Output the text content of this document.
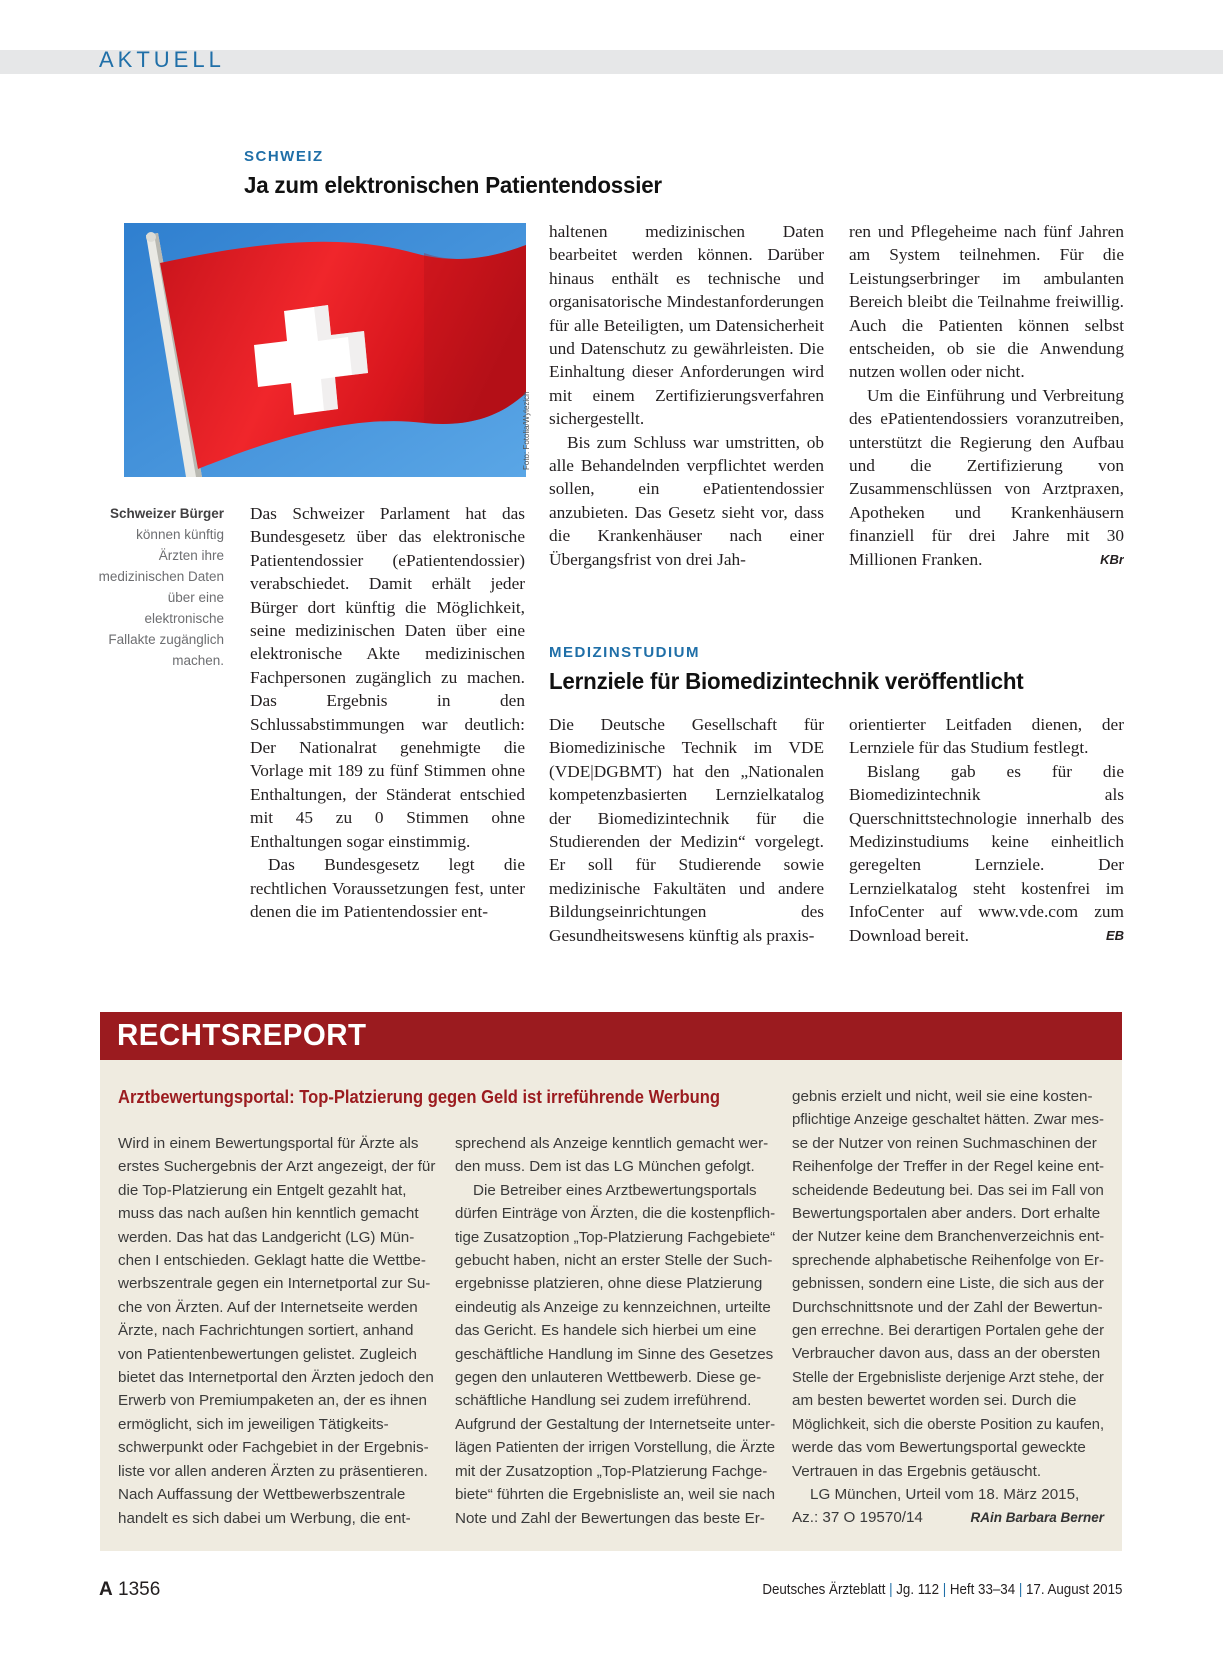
AKTUELL
SCHWEIZ
Ja zum elektronischen Patientendossier
Foto: Fotolia/Wylezich
Schweizer Bürger können künftig Ärzten ihre medizinischen Daten über eine elektronische Fallakte zugänglich machen.

Das Schweizer Parlament hat das Bundesgesetz über das elektronische Patientendossier (ePatientendossier) verabschiedet. Damit erhält jeder Bürger dort künftig die Möglichkeit, seine medizinischen Daten über eine elektronische Akte medizinischen Fachpersonen zugänglich zu machen. Das Ergebnis in den Schlussabstimmungen war deutlich: Der Nationalrat genehmigte die Vorlage mit 189 zu fünf Stimmen ohne Enthaltungen, der Ständerat entschied mit 45 zu 0 Stimmen ohne Enthaltungen sogar einstimmig.

Das Bundesgesetz legt die rechtlichen Voraussetzungen fest, unter denen die im Patientendossier ent-

haltenen medizinischen Daten bearbeitet werden können. Darüber hinaus enthält es technische und organisatorische Mindestanforderungen für alle Beteiligten, um Datensicherheit und Datenschutz zu gewährleisten. Die Einhaltung dieser Anforderungen wird mit einem Zertifizierungsverfahren sichergestellt.

Bis zum Schluss war umstritten, ob alle Behandelnden verpflichtet werden sollen, ein ePatientendossier anzubieten. Das Gesetz sieht vor, dass die Krankenhäuser nach einer Übergangsfrist von drei Jah-

ren und Pflegeheime nach fünf Jahren am System teilnehmen. Für die Leistungserbringer im ambulanten Bereich bleibt die Teilnahme freiwillig. Auch die Patienten können selbst entscheiden, ob sie die Anwendung nutzen wollen oder nicht.

Um die Einführung und Verbreitung des ePatientendossiers voranzutreiben, unterstützt die Regierung den Aufbau und die Zertifizierung von Zusammenschlüssen von Arztpraxen, Apotheken und Krankenhäusern finanziell für drei Jahre mit 30 Millionen Franken.	KBr

MEDIZINSTUDIUM
Lernziele für Biomedizintechnik veröffentlicht

Die Deutsche Gesellschaft für Biomedizinische Technik im VDE (VDE|DGBMT) hat den „Nationalen kompetenzbasierten Lernzielkatalog der Biomedizintechnik für die Studierenden der Medizin“ vorgelegt. Er soll für Studierende sowie medizinische Fakultäten und andere Bildungseinrichtungen des Gesundheitswesens künftig als praxis-

orientierter Leitfaden dienen, der Lernziele für das Studium festlegt.

Bislang gab es für die Biomedizintechnik als Querschnittstechnologie innerhalb des Medizinstudiums keine einheitlich geregelten Lernziele. Der Lernzielkatalog steht kostenfrei im InfoCenter auf www.vde.com zum Download bereit.	EB

RECHTSREPORT
Arztbewertungsportal: Top-Platzierung gegen Geld ist irreführende Werbung
Wird in einem Bewertungsportal für Ärzte als
erstes Suchergebnis der Arzt angezeigt, der für
die Top-Platzierung ein Entgelt gezahlt hat,
muss das nach außen hin kenntlich gemacht
werden. Das hat das Landgericht (LG) Mün-
chen I entschieden. Geklagt hatte die Wettbe-
werbszentrale gegen ein Internetportal zur Su-
che von Ärzten. Auf der Internetseite werden
Ärzte, nach Fachrichtungen sortiert, anhand
von Patientenbewertungen gelistet. Zugleich
bietet das Internetportal den Ärzten jedoch den
Erwerb von Premiumpaketen an, der es ihnen
ermöglicht, sich im jeweiligen Tätigkeits-
schwerpunkt oder Fachgebiet in der Ergebnis-
liste vor allen anderen Ärzten zu präsentieren.
Nach Auffassung der Wettbewerbszentrale
handelt es sich dabei um Werbung, die ent-
sprechend als Anzeige kenntlich gemacht wer-
den muss. Dem ist das LG München gefolgt.
Die Betreiber eines Arztbewertungsportals
dürfen Einträge von Ärzten, die die kostenpflich-
tige Zusatzoption „Top-Platzierung Fachgebiete“
gebucht haben, nicht an erster Stelle der Such-
ergebnisse platzieren, ohne diese Platzierung
eindeutig als Anzeige zu kennzeichnen, urteilte
das Gericht. Es handele sich hierbei um eine
geschäftliche Handlung im Sinne des Gesetzes
gegen den unlauteren Wettbewerb. Diese ge-
schäftliche Handlung sei zudem irreführend.
Aufgrund der Gestaltung der Internetseite unter-
lägen Patienten der irrigen Vorstellung, die Ärzte
mit der Zusatzoption „Top-Platzierung Fachge-
biete“ führten die Ergebnisliste an, weil sie nach
Note und Zahl der Bewertungen das beste Er-
gebnis erzielt und nicht, weil sie eine kosten-
pflichtige Anzeige geschaltet hätten. Zwar mes-
se der Nutzer von reinen Suchmaschinen der
Reihenfolge der Treffer in der Regel keine ent-
scheidende Bedeutung bei. Das sei im Fall von
Bewertungsportalen aber anders. Dort erhalte
der Nutzer keine dem Branchenverzeichnis ent-
sprechende alphabetische Reihenfolge von Er-
gebnissen, sondern eine Liste, die sich aus der
Durchschnittsnote und der Zahl der Bewertun-
gen errechne. Bei derartigen Portalen gehe der
Verbraucher davon aus, dass an der obersten
Stelle der Ergebnisliste derjenige Arzt stehe, der
am besten bewertet worden sei. Durch die
Möglichkeit, sich die oberste Position zu kaufen,
werde das vom Bewertungsportal geweckte
Vertrauen in das Ergebnis getäuscht.
LG München, Urteil vom 18. März 2015,
Az.: 37 O 19570/14	RAin Barbara Berner
A 1356	Deutsches Ärzteblatt | Jg. 112 | Heft 33–34 | 17. August 2015
